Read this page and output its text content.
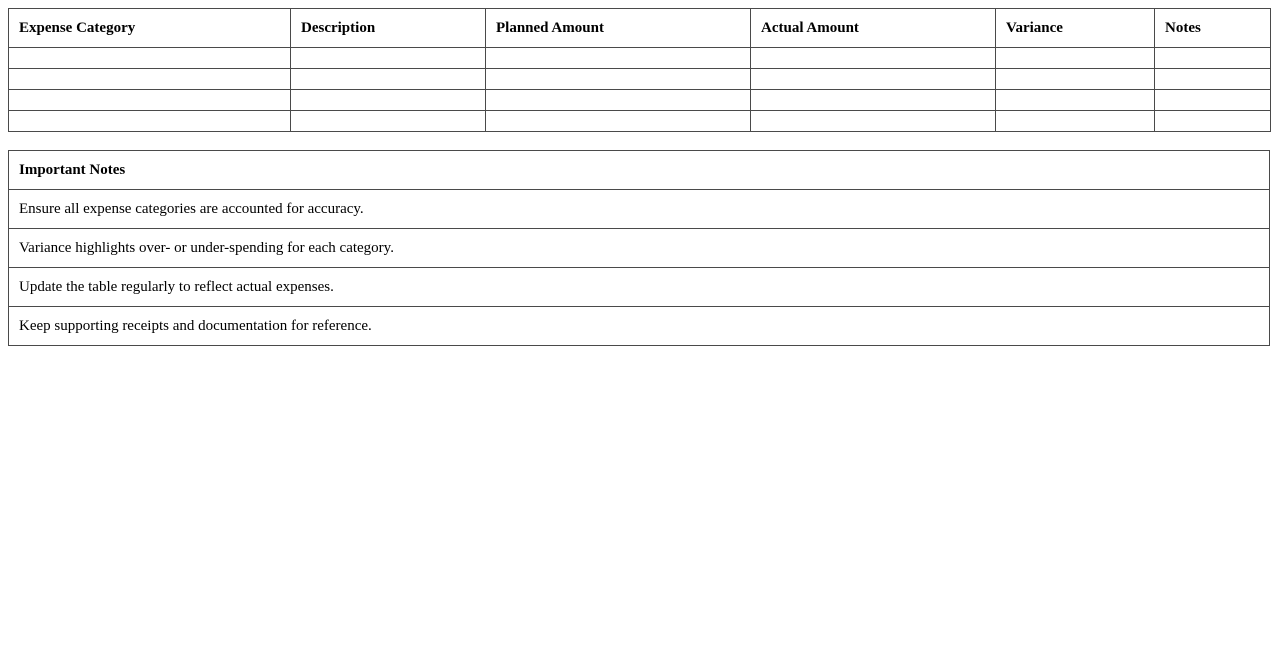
Expense Category	Description	Planned Amount	Actual Amount	Variance	Notes

Important Notes
Ensure all expense categories are accounted for accuracy.
Variance highlights over- or under-spending for each category.
Update the table regularly to reflect actual expenses.
Keep supporting receipts and documentation for reference.
